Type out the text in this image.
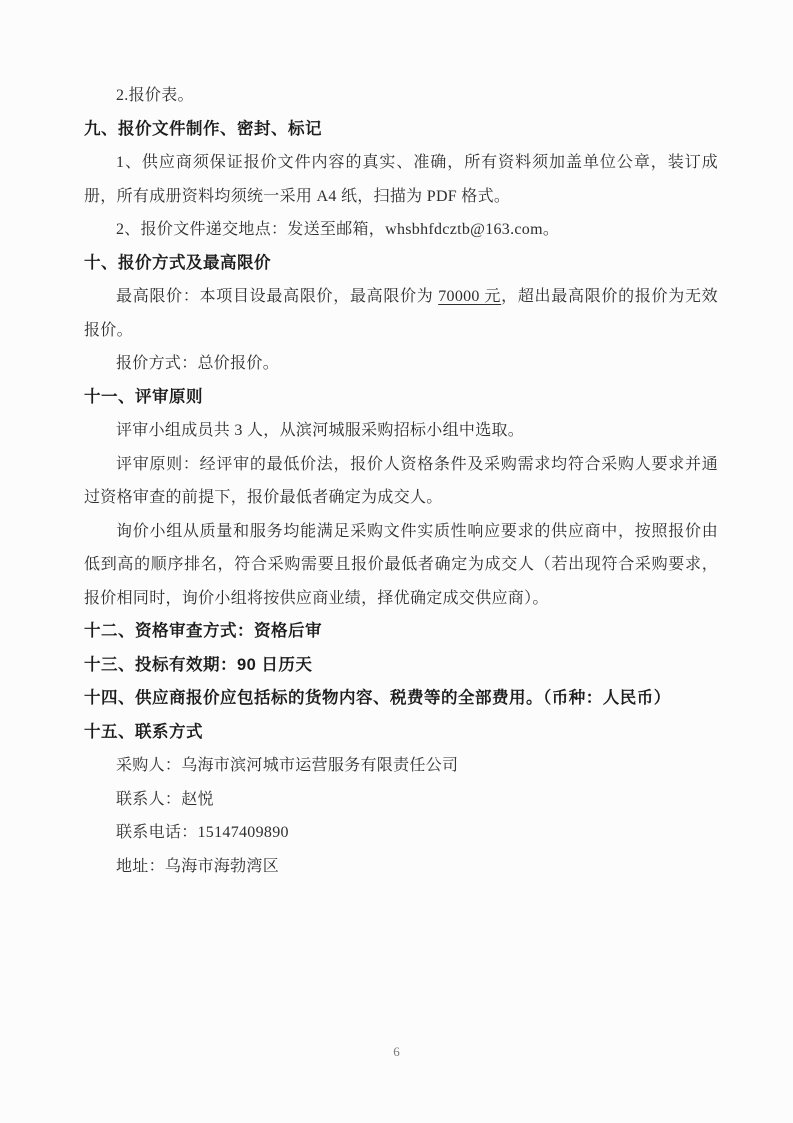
2.报价表。

九、报价文件制作、密封、标记

1、供应商须保证报价文件内容的真实、准确，所有资料须加盖单位公章，装订成册，所有成册资料均须统一采用 A4 纸，扫描为 PDF 格式。

2、报价文件递交地点：发送至邮箱，whsbhfdcztb@163.com。

十、报价方式及最高限价

最高限价：本项目设最高限价，最高限价为 70000 元，超出最高限价的报价为无效报价。

报价方式：总价报价。

十一、评审原则

评审小组成员共 3 人，从滨河城服采购招标小组中选取。

评审原则：经评审的最低价法，报价人资格条件及采购需求均符合采购人要求并通过资格审查的前提下，报价最低者确定为成交人。

询价小组从质量和服务均能满足采购文件实质性响应要求的供应商中，按照报价由低到高的顺序排名，符合采购需要且报价最低者确定为成交人（若出现符合采购要求，报价相同时，询价小组将按供应商业绩，择优确定成交供应商）。

十二、资格审查方式：资格后审
十三、投标有效期：90 日历天
十四、供应商报价应包括标的货物内容、税费等的全部费用。（币种：人民币）
十五、联系方式

采购人：乌海市滨河城市运营服务有限责任公司

联系人：赵悦

联系电话：15147409890

地址：乌海市海勃湾区

6
